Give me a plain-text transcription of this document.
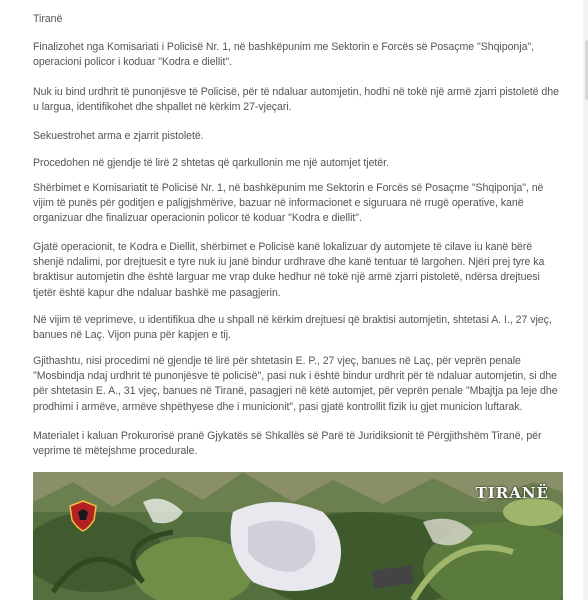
Tiranë

Finalizohet nga Komisariati i Policisë Nr. 1, në bashkëpunim me Sektorin e Forcës së Posaçme "Shqiponja", operacioni policor i koduar "Kodra e diellit".

Nuk iu bind urdhrit të punonjësve të Policisë, për të ndaluar automjetin, hodhi në tokë një armë zjarri pistoletë dhe u largua, identifikohet dhe shpallet në kërkim 27-vjeçari.

Sekuestrohet arma e zjarrit pistoletë.

Procedohen në gjendje të lirë 2 shtetas që qarkullonin me një automjet tjetër.

Shërbimet e Komisariatit të Policisë Nr. 1, në bashkëpunim me Sektorin e Forcës së Posaçme "Shqiponja", në vijim të punës për goditjen e paligjshmërive, bazuar në informacionet e siguruara në rrugë operative, kanë organizuar dhe finalizuar operacionin policor të koduar "Kodra e diellit".

Gjatë operacionit, te Kodra e Diellit, shërbimet e Policisë kanë lokalizuar dy automjete të cilave iu kanë bërë shenjë ndalimi, por drejtuesit e tyre nuk iu janë bindur urdhrave dhe kanë tentuar të largohen. Njëri prej tyre ka braktisur automjetin dhe është larguar me vrap duke hedhur në tokë një armë zjarri pistoletë, ndërsa drejtuesi tjetër është kapur dhe ndaluar bashkë me pasagjerin.

Në vijim të veprimeve, u identifikua dhe u shpall në kërkim drejtuesi që braktisi automjetin, shtetasi A. I., 27 vjeç, banues në Laç. Vijon puna për kapjen e tij.

Gjithashtu, nisi procedimi në gjendje të lirë për shtetasin E. P., 27 vjeç, banues në Laç, për veprën penale "Mosbindja ndaj urdhrit të punonjësve të policisë", pasi nuk i është bindur urdhrit për të ndaluar automjetin, si dhe për shtetasin E. A., 31 vjeç, banues në Tiranë, pasagjeri në këtë automjet, për veprën penale "Mbajtja pa leje dhe prodhimi i armëve, armëve shpëthyese dhe i municionit", pasi gjatë kontrollit fizik iu gjet municion luftarak.

Materialet i kaluan Prokurorisë pranë Gjykatës së Shkallës së Parë të Juridiksionit të Përgjithshëm Tiranë, për veprime të mëtejshme procedurale.

TIRANË
